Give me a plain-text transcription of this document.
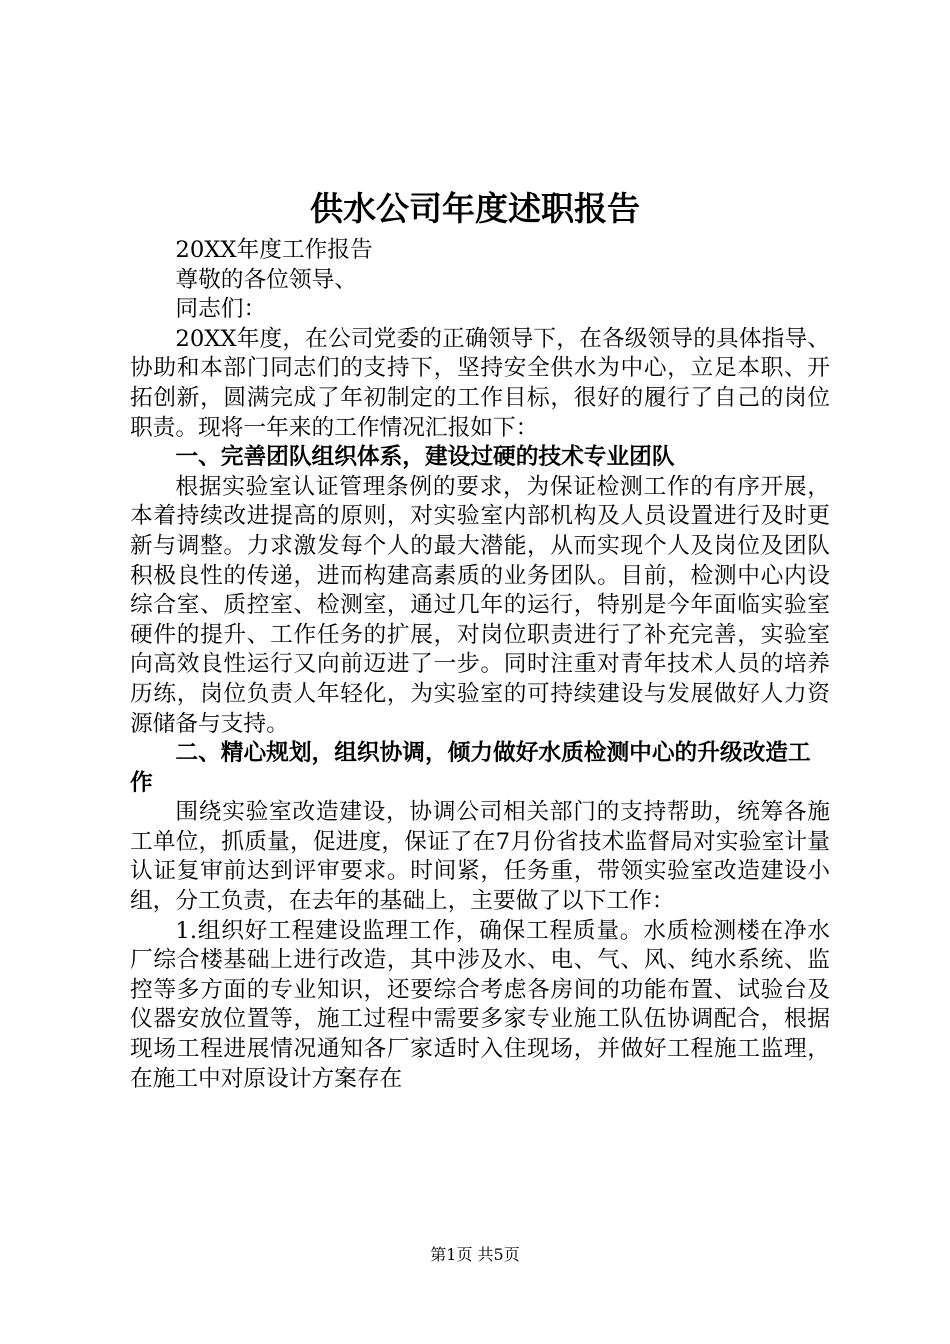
供水公司年度述职报告

20XX年度工作报告

尊敬的各位领导、

同志们：

20XX年度，在公司党委的正确领导下，在各级领导的具体指导、协助和本部门同志们的支持下，坚持安全供水为中心，立足本职、开拓创新，圆满完成了年初制定的工作目标，很好的履行了自己的岗位职责。现将一年来的工作情况汇报如下：

一、完善团队组织体系，建设过硬的技术专业团队

根据实验室认证管理条例的要求，为保证检测工作的有序开展，本着持续改进提高的原则，对实验室内部机构及人员设置进行及时更新与调整。力求激发每个人的最大潜能，从而实现个人及岗位及团队积极良性的传递，进而构建高素质的业务团队。目前，检测中心内设综合室、质控室、检测室，通过几年的运行，特别是今年面临实验室硬件的提升、工作任务的扩展，对岗位职责进行了补充完善，实验室向高效良性运行又向前迈进了一步。同时注重对青年技术人员的培养历练，岗位负责人年轻化，为实验室的可持续建设与发展做好人力资源储备与支持。

二、精心规划，组织协调，倾力做好水质检测中心的升级改造工作

围绕实验室改造建设，协调公司相关部门的支持帮助，统筹各施工单位，抓质量，促进度，保证了在7月份省技术监督局对实验室计量认证复审前达到评审要求。时间紧，任务重，带领实验室改造建设小组，分工负责，在去年的基础上，主要做了以下工作：

1.组织好工程建设监理工作，确保工程质量。水质检测楼在净水厂综合楼基础上进行改造，其中涉及水、电、气、风、纯水系统、监控等多方面的专业知识，还要综合考虑各房间的功能布置、试验台及仪器安放位置等，施工过程中需要多家专业施工队伍协调配合，根据现场工程进展情况通知各厂家适时入住现场，并做好工程施工监理，在施工中对原设计方案存在

第1页 共5页
